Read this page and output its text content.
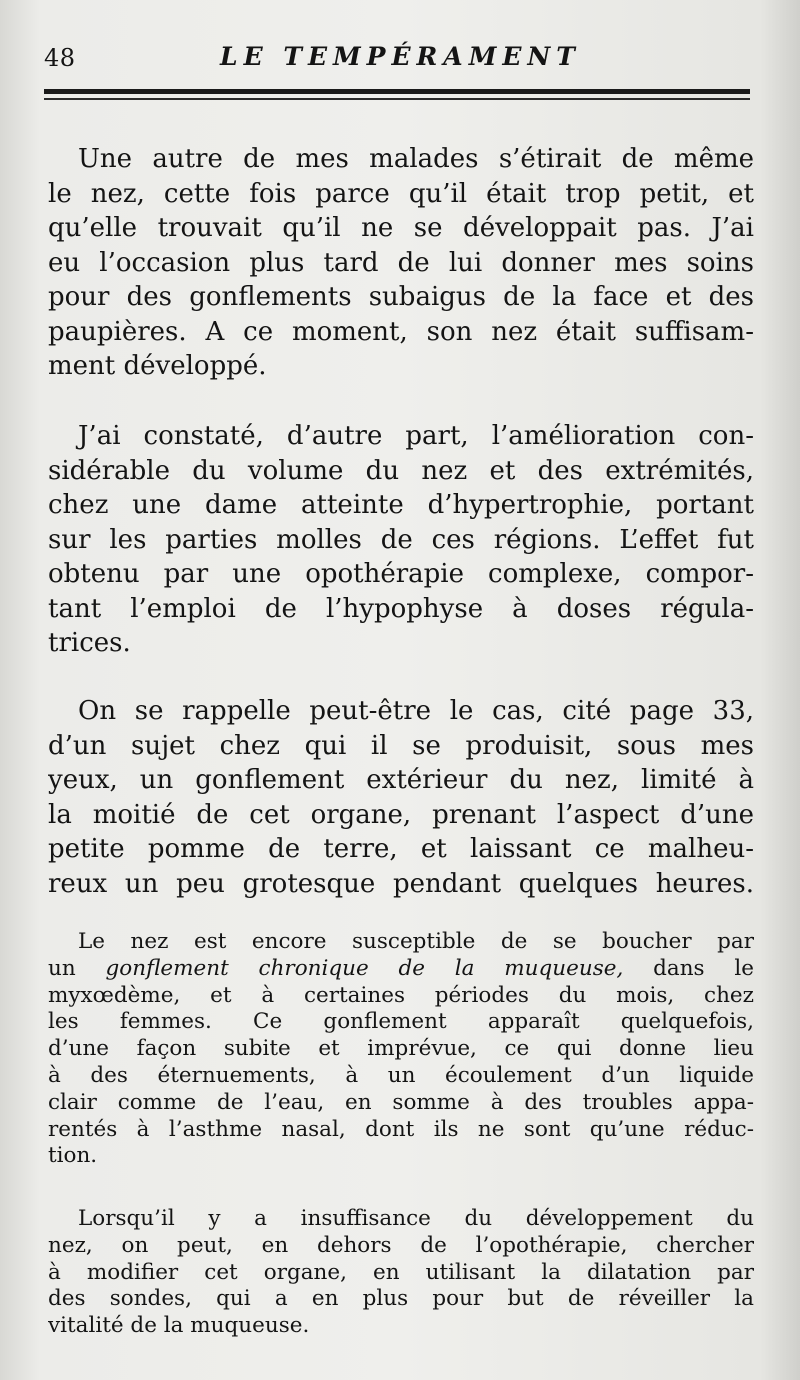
48	LE TEMPÉRAMENT
Une autre de mes malades s’étirait de même
le nez, cette fois parce qu’il était trop petit, et
qu’elle trouvait qu’il ne se développait pas. J’ai
eu l’occasion plus tard de lui donner mes soins
pour des gonflements subaigus de la face et des
paupières. A ce moment, son nez était suffisam-
ment développé.
J’ai constaté, d’autre part, l’amélioration con-
sidérable du volume du nez et des extrémités,
chez une dame atteinte d’hypertrophie, portant
sur les parties molles de ces régions. L’effet fut
obtenu par une opothérapie complexe, compor-
tant l’emploi de l’hypophyse à doses régula-
trices.
On se rappelle peut-être le cas, cité page 33,
d’un sujet chez qui il se produisit, sous mes
yeux, un gonflement extérieur du nez, limité à
la moitié de cet organe, prenant l’aspect d’une
petite pomme de terre, et laissant ce malheu-
reux un peu grotesque pendant quelques heures.
Le nez est encore susceptible de se boucher par
un gonflement chronique de la muqueuse, dans le
myxœdème, et à certaines périodes du mois, chez
les femmes. Ce gonflement apparaît quelquefois,
d’une façon subite et imprévue, ce qui donne lieu
à des éternuements, à un écoulement d’un liquide
clair comme de l’eau, en somme à des troubles appa-
rentés à l’asthme nasal, dont ils ne sont qu’une réduc-
tion.
Lorsqu’il y a insuffisance du développement du
nez, on peut, en dehors de l’opothérapie, chercher
à modifier cet organe, en utilisant la dilatation par
des sondes, qui a en plus pour but de réveiller la
vitalité de la muqueuse.
